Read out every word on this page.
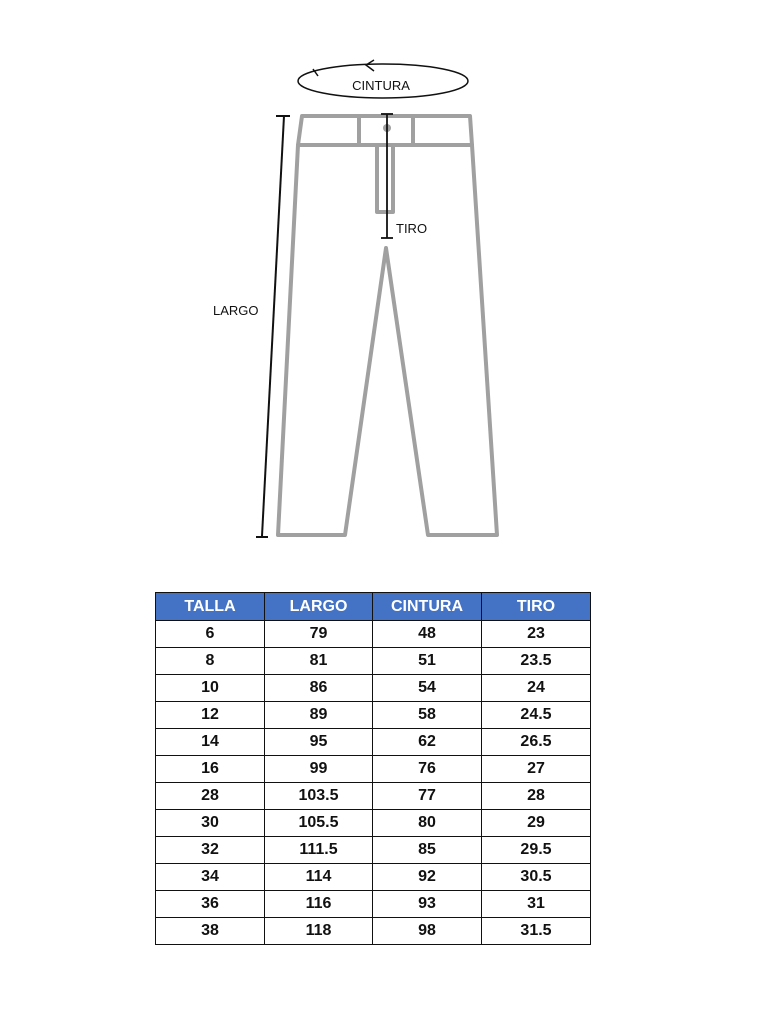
CINTURA
TIRO
LARGO
TALLA	LARGO	CINTURA	TIRO
6	79	48	23
8	81	51	23.5
10	86	54	24
12	89	58	24.5
14	95	62	26.5
16	99	76	27
28	103.5	77	28
30	105.5	80	29
32	111.5	85	29.5
34	114	92	30.5
36	116	93	31
38	118	98	31.5
